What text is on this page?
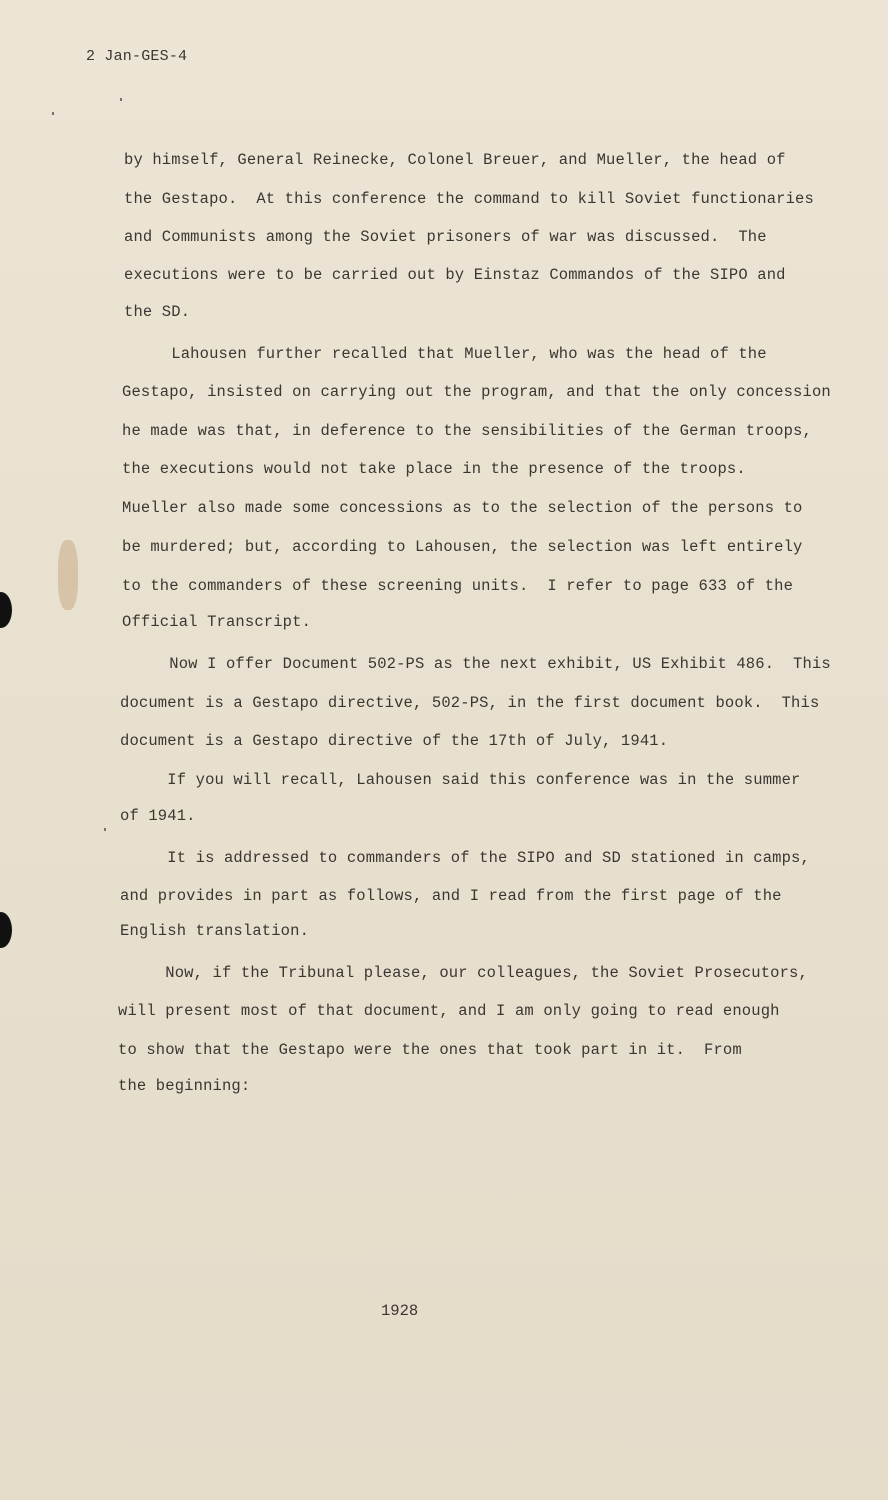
2 Jan-GES-4
by himself, General Reinecke, Colonel Breuer, and Mueller, the head of
the Gestapo.  At this conference the command to kill Soviet functionaries
and Communists among the Soviet prisoners of war was discussed.  The
executions were to be carried out by Einstaz Commandos of the SIPO and
the SD.
Lahousen further recalled that Mueller, who was the head of the
Gestapo, insisted on carrying out the program, and that the only concession
he made was that, in deference to the sensibilities of the German troops,
the executions would not take place in the presence of the troops.
Mueller also made some concessions as to the selection of the persons to
be murdered; but, according to Lahousen, the selection was left entirely
to the commanders of these screening units.  I refer to page 633 of the
Official Transcript.
Now I offer Document 502-PS as the next exhibit, US Exhibit 486.  This
document is a Gestapo directive, 502-PS, in the first document book.  This
document is a Gestapo directive of the 17th of July, 1941.
If you will recall, Lahousen said this conference was in the summer
of 1941.
It is addressed to commanders of the SIPO and SD stationed in camps,
and provides in part as follows, and I read from the first page of the
English translation.
Now, if the Tribunal please, our colleagues, the Soviet Prosecutors,
will present most of that document, and I am only going to read enough
to show that the Gestapo were the ones that took part in it.  From
the beginning:
1928
